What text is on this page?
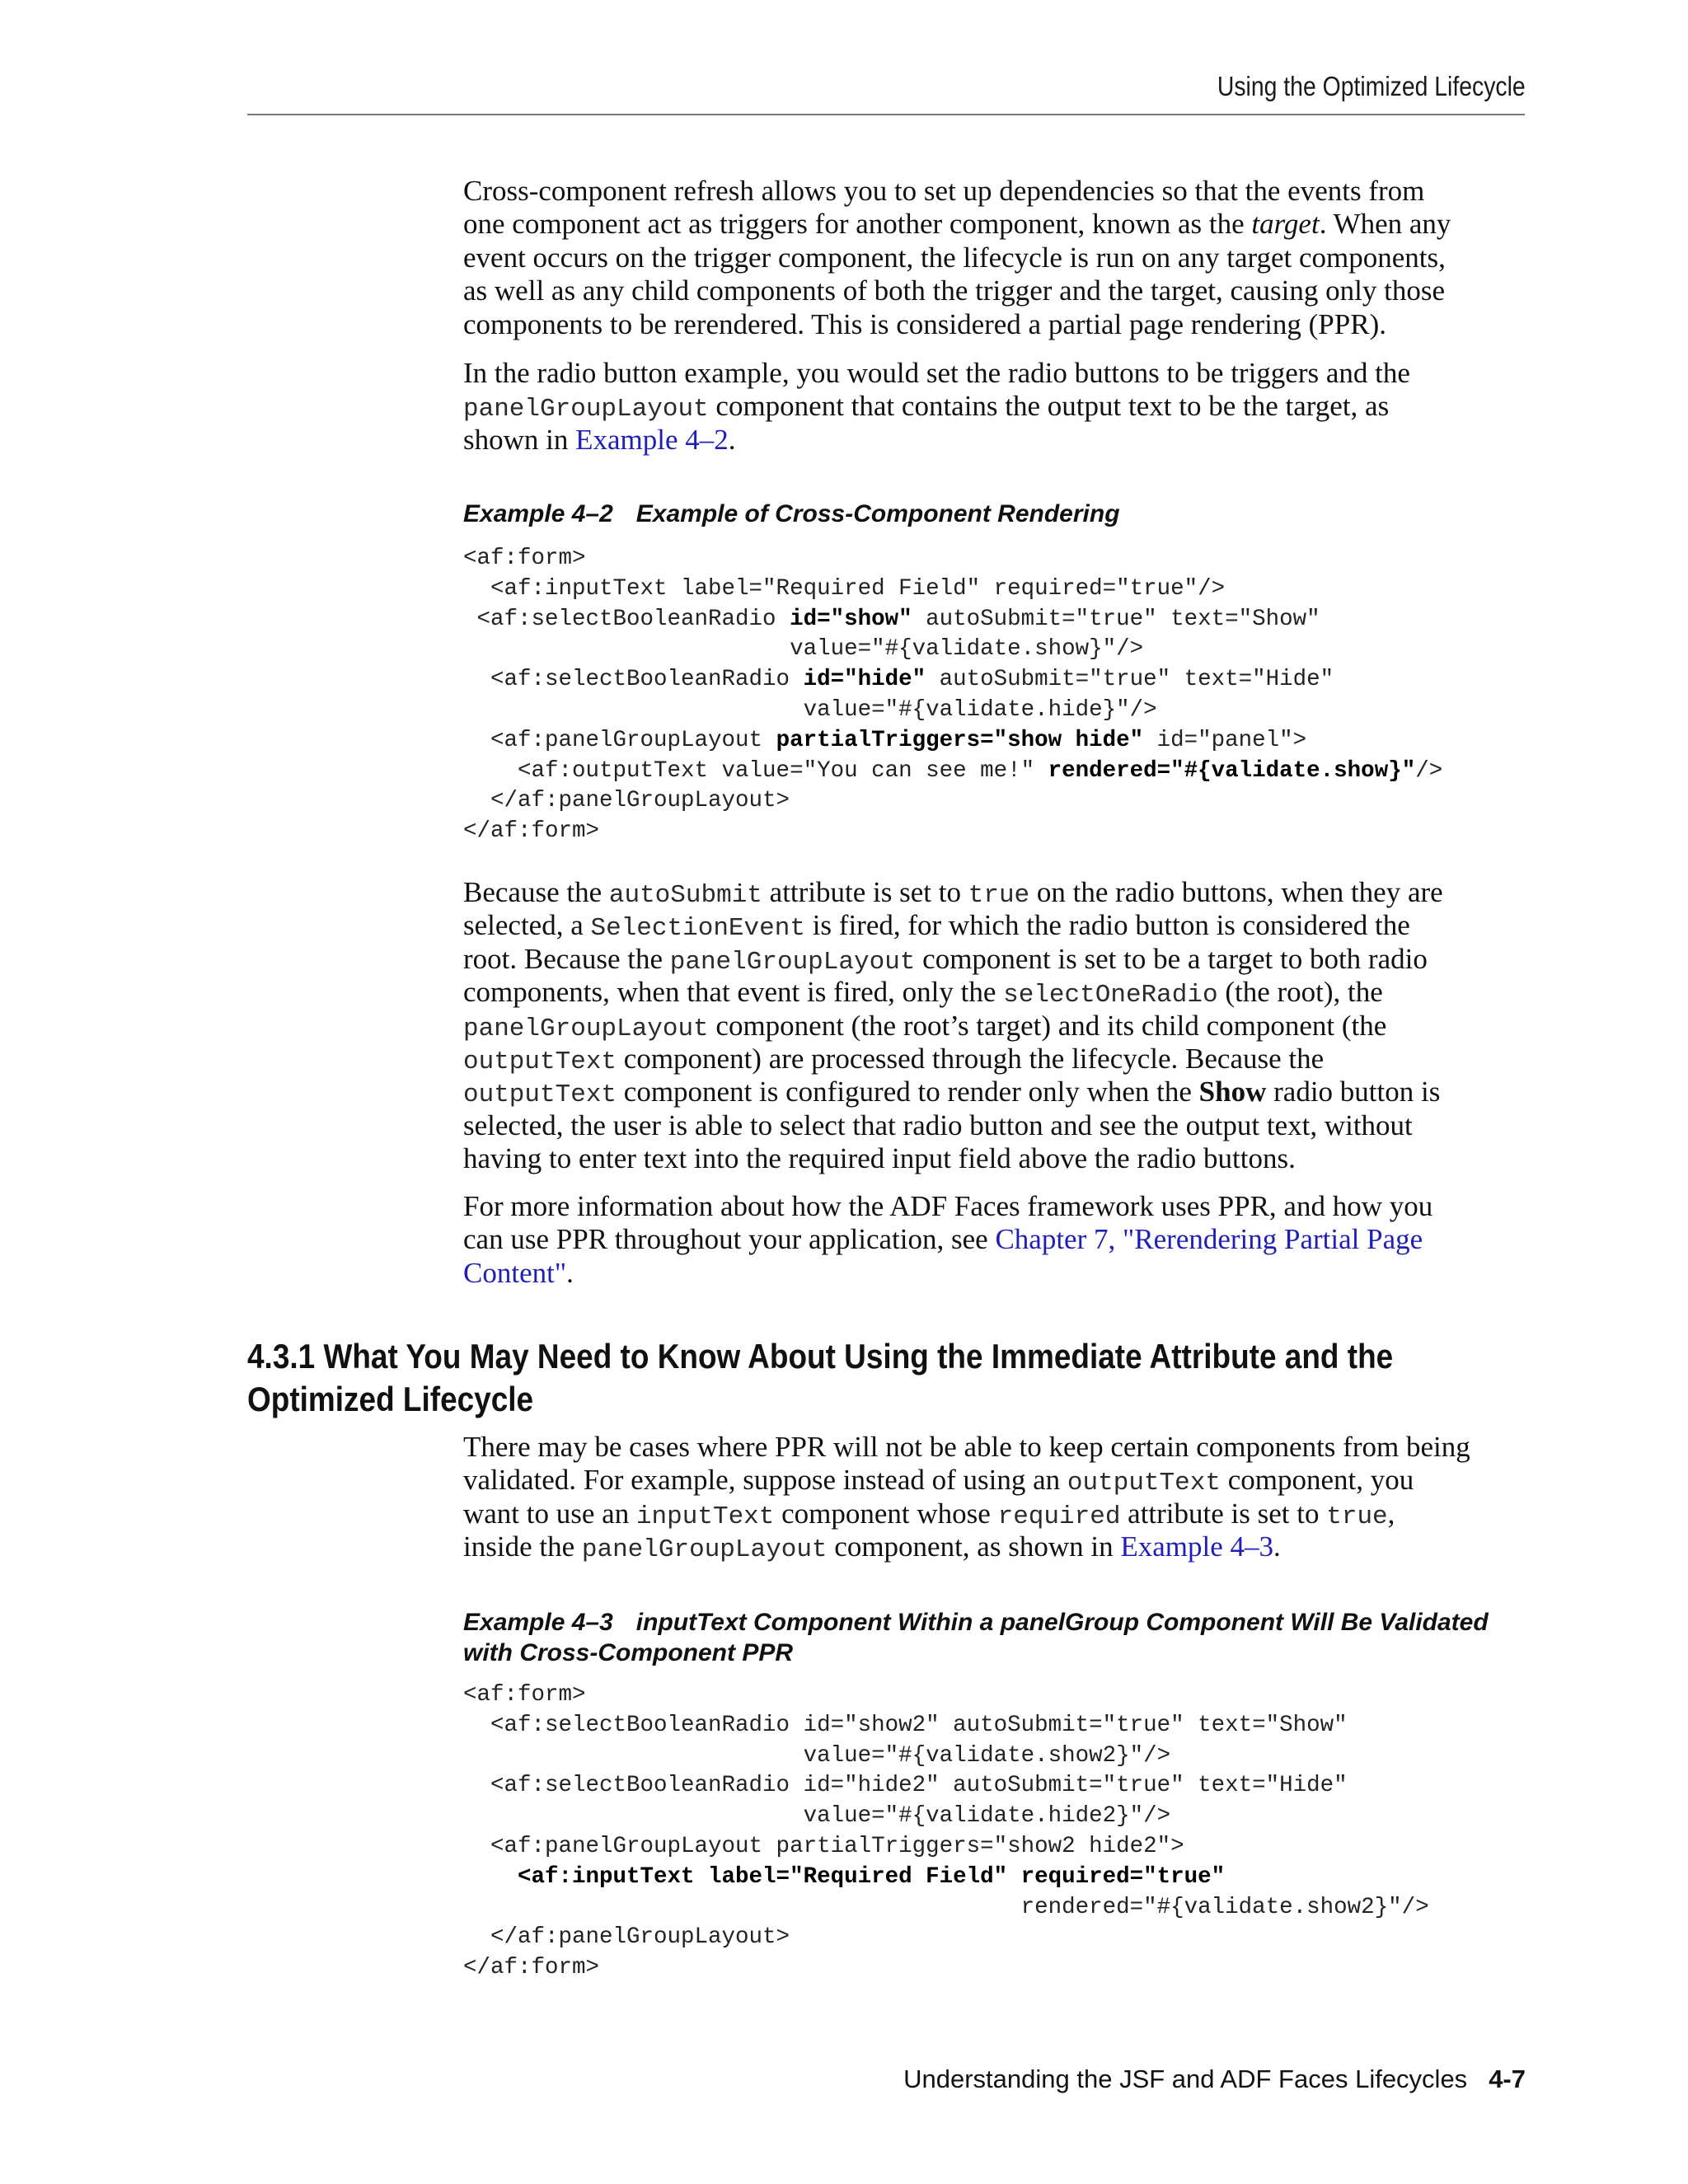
Using the Optimized Lifecycle
Cross-component refresh allows you to set up dependencies so that the events from
one component act as triggers for another component, known as the target. When any
event occurs on the trigger component, the lifecycle is run on any target components,
as well as any child components of both the trigger and the target, causing only those
components to be rerendered. This is considered a partial page rendering (PPR).
In the radio button example, you would set the radio buttons to be triggers and the
panelGroupLayout component that contains the output text to be the target, as
shown in Example 4–2.
Example 4–2 Example of Cross-Component Rendering
<af:form>
<af:inputText label="Required Field" required="true"/>
<af:selectBooleanRadio id="show" autoSubmit="true" text="Show"
value="#{validate.show}"/>
<af:selectBooleanRadio id="hide" autoSubmit="true" text="Hide"
value="#{validate.hide}"/>
<af:panelGroupLayout partialTriggers="show hide" id="panel">
<af:outputText value="You can see me!" rendered="#{validate.show}"/>
</af:panelGroupLayout>
</af:form>
Because the autoSubmit attribute is set to true on the radio buttons, when they are
selected, a SelectionEvent is fired, for which the radio button is considered the
root. Because the panelGroupLayout component is set to be a target to both radio
components, when that event is fired, only the selectOneRadio (the root), the
panelGroupLayout component (the root’s target) and its child component (the
outputText component) are processed through the lifecycle. Because the
outputText component is configured to render only when the Show radio button is
selected, the user is able to select that radio button and see the output text, without
having to enter text into the required input field above the radio buttons.
For more information about how the ADF Faces framework uses PPR, and how you
can use PPR throughout your application, see Chapter 7, "Rerendering Partial Page
Content".
4.3.1 What You May Need to Know About Using the Immediate Attribute and the
Optimized Lifecycle
There may be cases where PPR will not be able to keep certain components from being
validated. For example, suppose instead of using an outputText component, you
want to use an inputText component whose required attribute is set to true,
inside the panelGroupLayout component, as shown in Example 4–3.
Example 4–3 inputText Component Within a panelGroup Component Will Be Validated
with Cross-Component PPR
<af:form>
<af:selectBooleanRadio id="show2" autoSubmit="true" text="Show"
value="#{validate.show2}"/>
<af:selectBooleanRadio id="hide2" autoSubmit="true" text="Hide"
value="#{validate.hide2}"/>
<af:panelGroupLayout partialTriggers="show2 hide2">
<af:inputText label="Required Field" required="true"
rendered="#{validate.show2}"/>
</af:panelGroupLayout>
</af:form>
Understanding the JSF and ADF Faces Lifecycles 4-7
